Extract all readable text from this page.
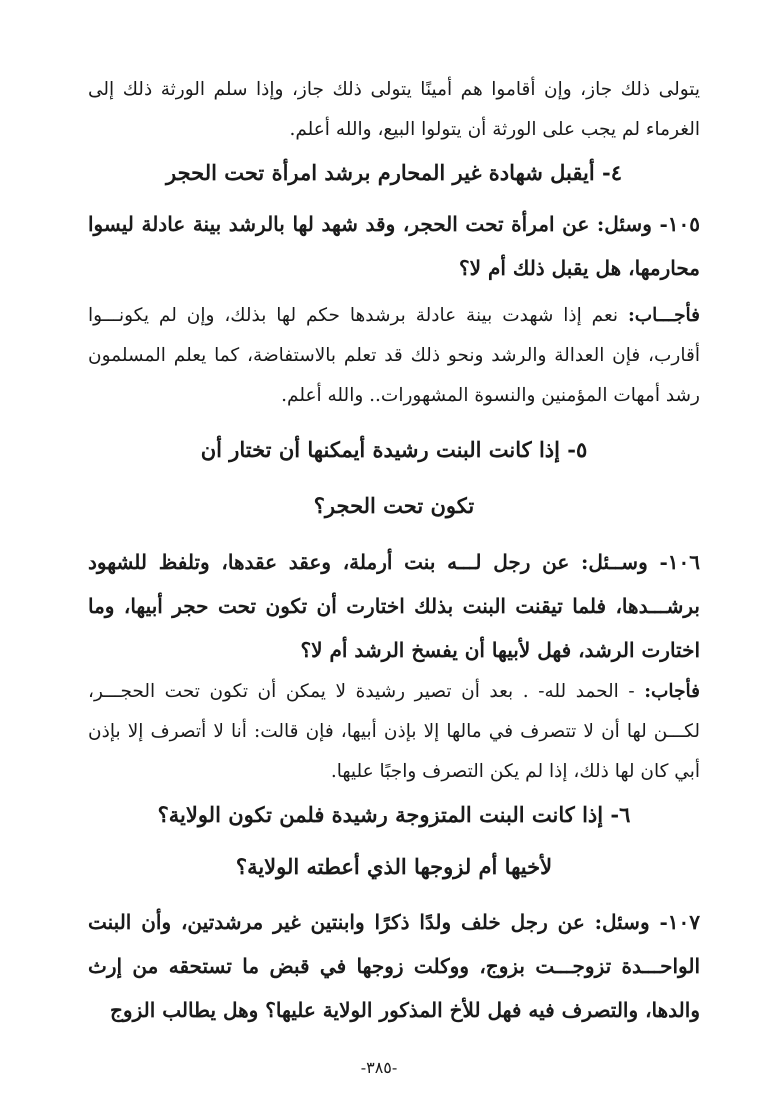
يتولى ذلك جاز، وإن أقاموا هم أمينًا يتولى ذلك جاز، وإذا سلم الورثة ذلك إلى الغرماء لم يجب على الورثة أن يتولوا البيع، والله أعلم.

٤- أيقبل شهادة غير المحارم برشد امرأة تحت الحجر

١٠٥- وسئل: عن امرأة تحت الحجر، وقد شهد لها بالرشد بينة عادلة ليسوا محارمها، هل يقبل ذلك أم لا؟

فأجـــاب: نعم إذا شهدت بينة عادلة برشدها حكم لها بذلك، وإن لم يكونـــوا أقارب، فإن العدالة والرشد ونحو ذلك قد تعلم بالاستفاضة، كما يعلم المسلمون رشد أمهات المؤمنين والنسوة المشهورات.. والله أعلم.

٥- إذا كانت البنت رشيدة أيمكنها أن تختار أن
تكون تحت الحجر؟

١٠٦- وســئل: عن رجل لـــه بنت أرملة، وعقد عقدها، وتلفظ للشهود برشـــدها، فلما تيقنت البنت بذلك اختارت أن تكون تحت حجر أبيها، وما اختارت الرشد، فهل لأبيها أن يفسخ الرشد أم لا؟

فأجاب: - الحمد لله- . بعد أن تصير رشيدة لا يمكن أن تكون تحت الحجـــر، لكـــن لها أن لا تتصرف في مالها إلا بإذن أبيها، فإن قالت: أنا لا أتصرف إلا بإذن أبي كان لها ذلك، إذا لم يكن التصرف واجبًا عليها.

٦- إذا كانت البنت المتزوجة رشيدة فلمن تكون الولاية؟
لأخيها أم لزوجها الذي أعطته الولاية؟

١٠٧- وسئل: عن رجل خلف ولدًا ذكرًا وابنتين غير مرشدتين، وأن البنت الواحـــدة تزوجـــت بزوج، ووكلت زوجها في قبض ما تستحقه من إرث والدها، والتصرف فيه فهل للأخ المذكور الولاية عليها؟ وهل يطالب الزوج

-٣٨٥-
